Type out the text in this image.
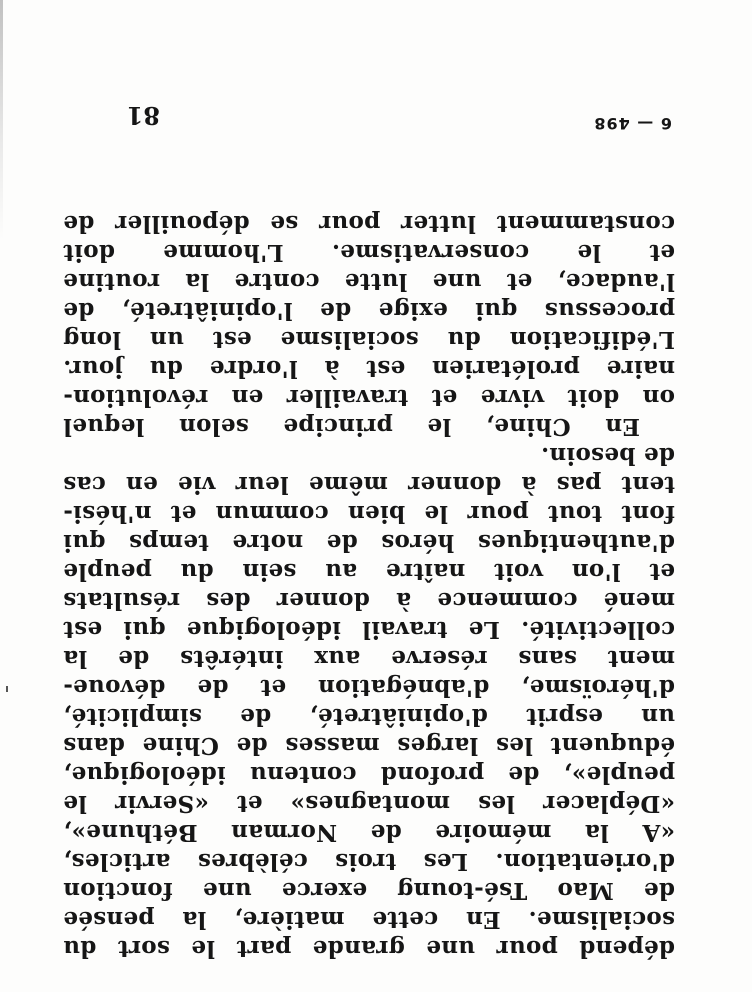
dépend pour une grande part le sort du
socialisme. En cette matière, la pensée
de Mao Tsé-toung exerce une fonction
d'orientation. Les trois célèbres articles,
«A la mémoire de Norman Béthune»,
«Déplacer les montagnes» et «Servir le
peuple», de profond contenu idéologique,
éduquent les larges masses de Chine dans
un esprit d'opiniâtreté, de simplicité,
d'héroïsme, d'abnégation et de dévoue-
ment sans réserve aux intérêts de la
collectivité. Le travail idéologique qui est
mené commence à donner des résultats
et l'on voit naître au sein du peuple
d'authentiques héros de notre temps qui
font tout pour le bien commun et n'hési-
tent pas à donner même leur vie en cas
de besoin.
En Chine, le principe selon lequel
on doit vivre et travailler en révolution-
naire prolétarien est à l'ordre du jour.
L'édification du socialisme est un long
processus qui exige de l'opiniâtreté, de
l'audace, et une lutte contre la routine
et le conservatisme. L'homme doit
constamment lutter pour se dépouiller de
6 — 498
81
